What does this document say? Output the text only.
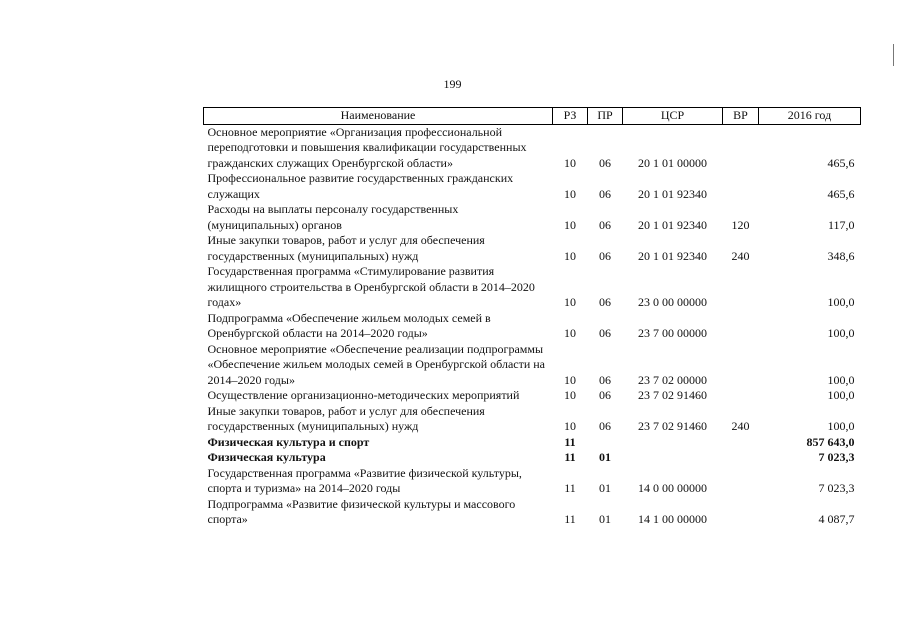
199
Наименование	РЗ	ПР	ЦСР	ВР	2016 год
Основное мероприятие «Организация профессиональной переподготовки и повышения квалификации государственных гражданских служащих Оренбургской области»	10	06	20 1 01 00000		465,6
Профессиональное развитие государственных гражданских служащих	10	06	20 1 01 92340		465,6
Расходы на выплаты персоналу государственных (муниципальных) органов	10	06	20 1 01 92340	120	117,0
Иные закупки товаров, работ и услуг для обеспечения государственных (муниципальных) нужд	10	06	20 1 01 92340	240	348,6
Государственная программа «Стимулирование развития жилищного строительства в Оренбургской области в 2014–2020 годах»	10	06	23 0 00 00000		100,0
Подпрограмма «Обеспечение жильем молодых семей в Оренбургской области на 2014–2020 годы»	10	06	23 7 00 00000		100,0
Основное мероприятие «Обеспечение реализации подпрограммы «Обеспечение жильем молодых семей в Оренбургской области на 2014–2020 годы»	10	06	23 7 02 00000		100,0
Осуществление организационно-методических мероприятий	10	06	23 7 02 91460		100,0
Иные закупки товаров, работ и услуг для обеспечения государственных (муниципальных) нужд	10	06	23 7 02 91460	240	100,0
Физическая культура и спорт	11				857 643,0
Физическая культура	11	01			7 023,3
Государственная программа «Развитие физической культуры, спорта и туризма» на 2014–2020 годы	11	01	14 0 00 00000		7 023,3
Подпрограмма «Развитие физической культуры и массового спорта»	11	01	14 1 00 00000		4 087,7
